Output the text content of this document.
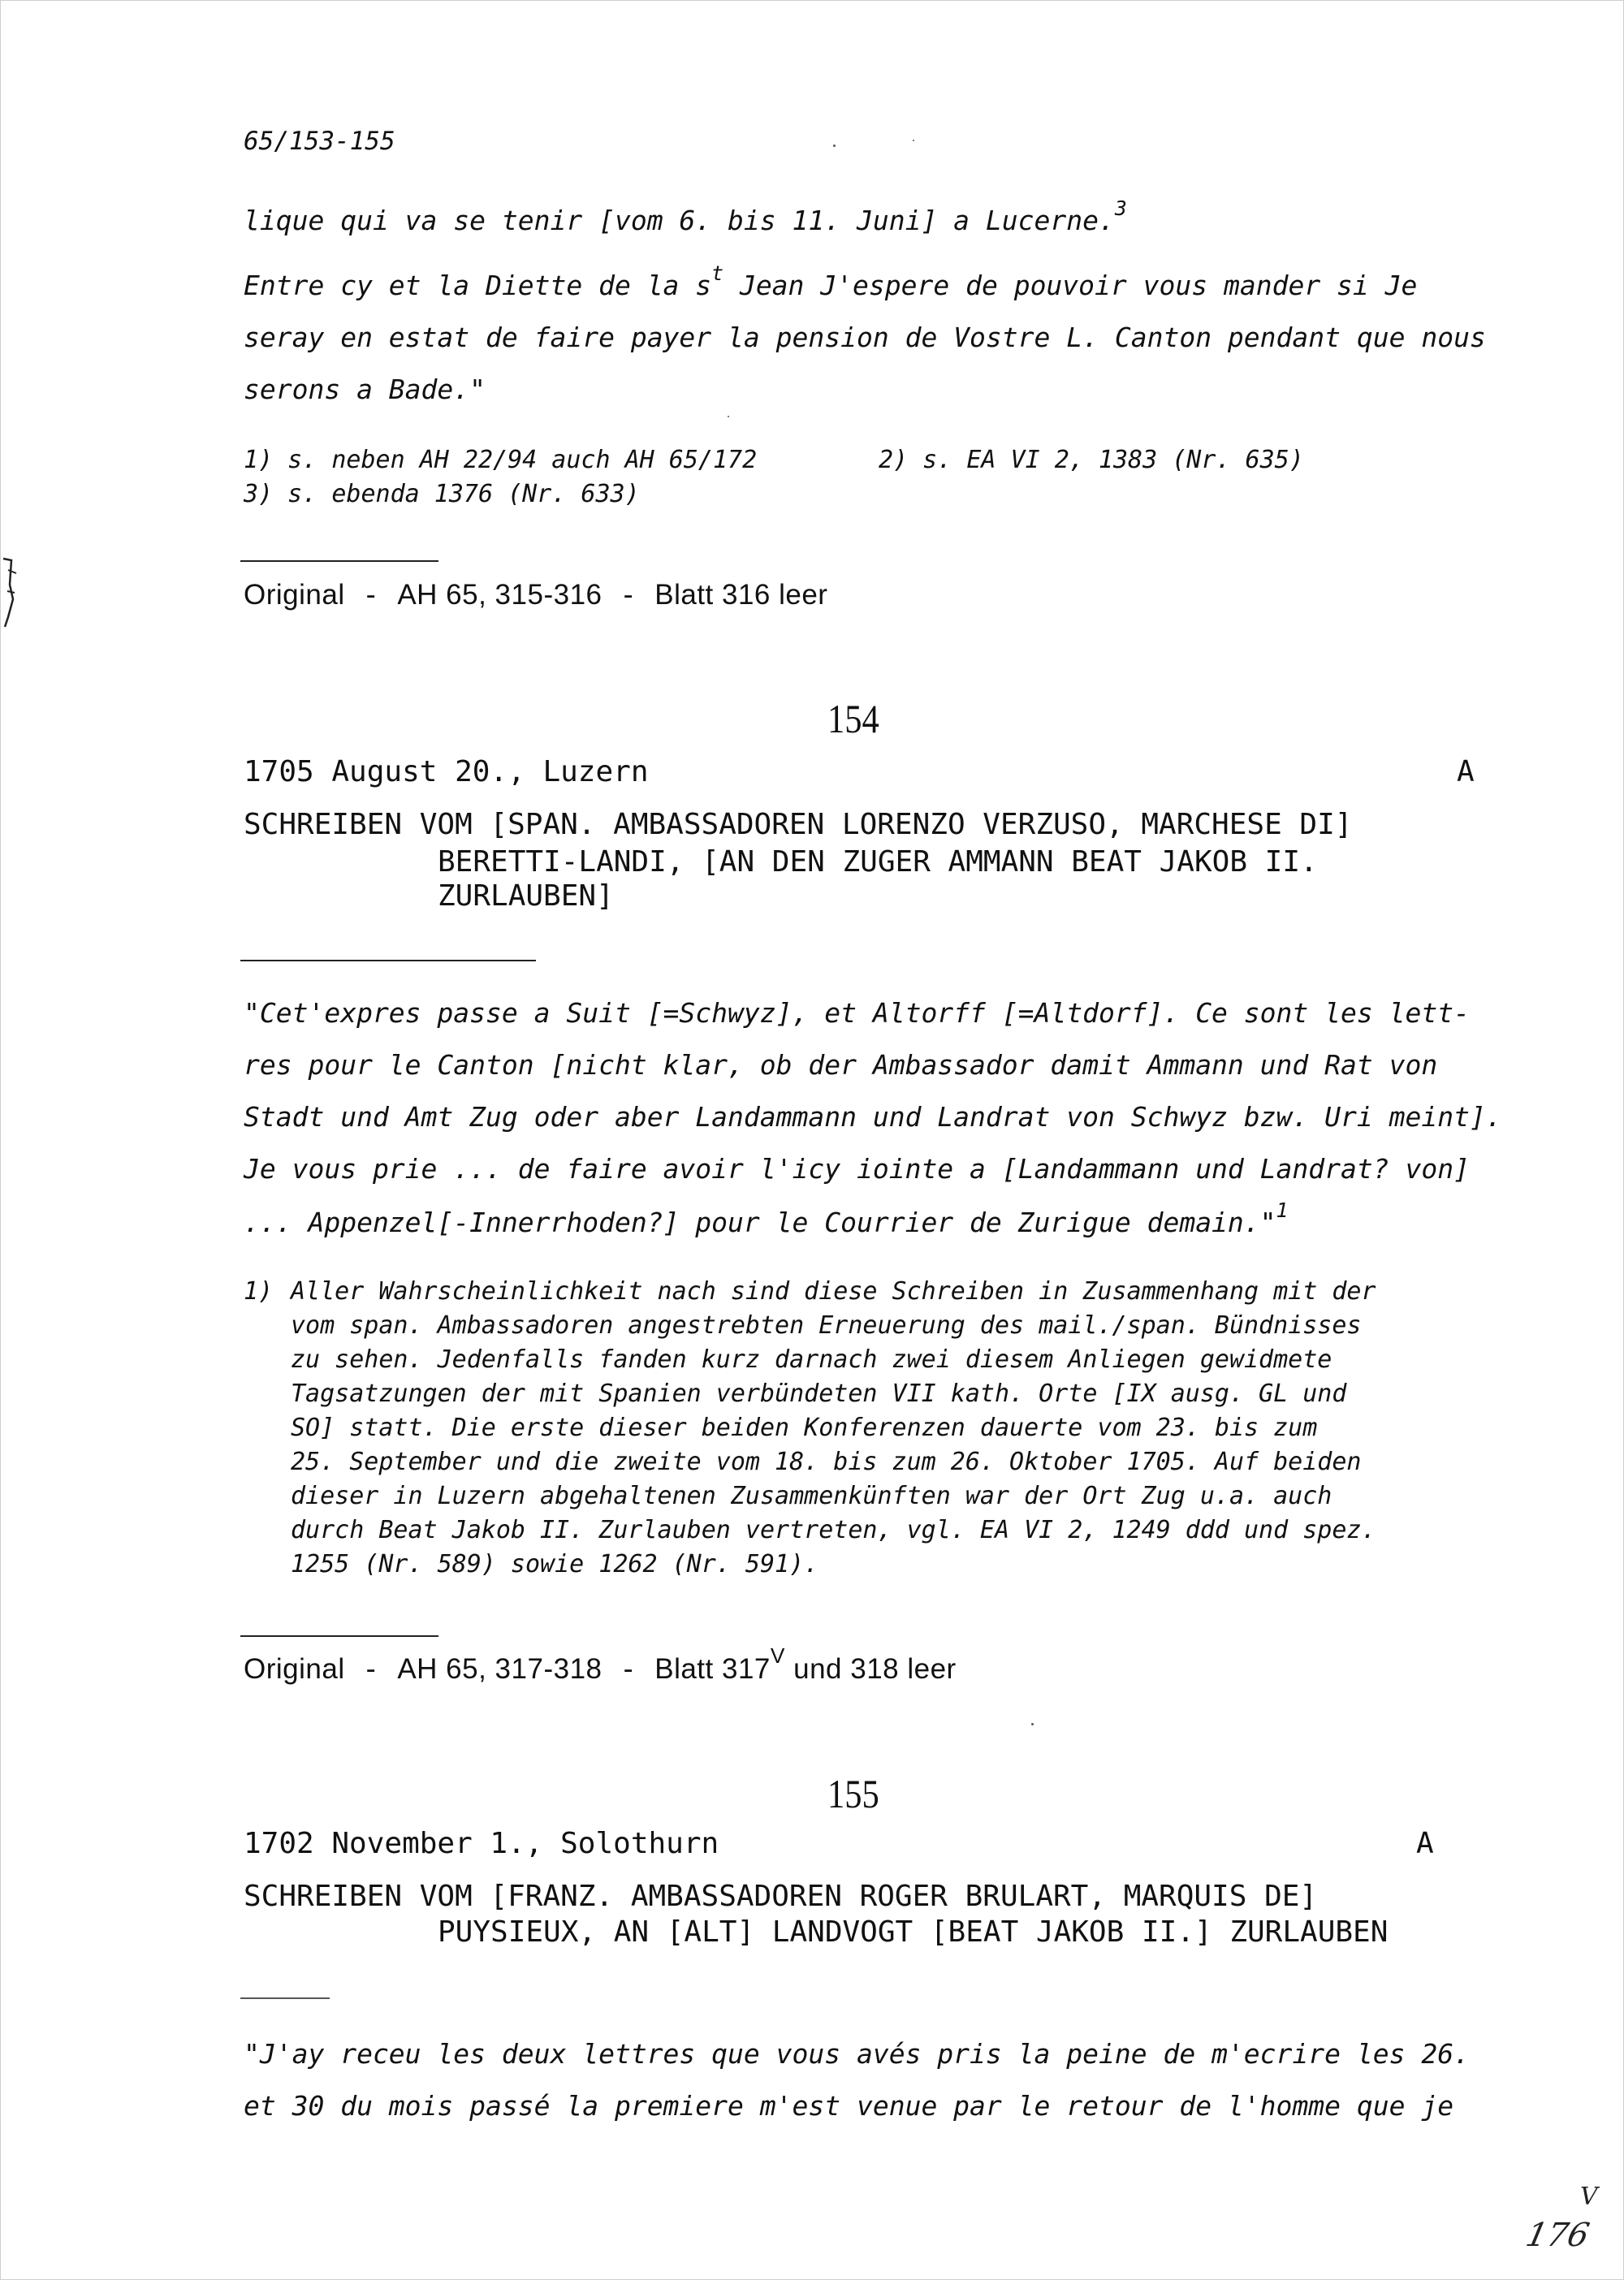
65/153-155
lique qui va se tenir [vom 6. bis 11. Juni] a Lucerne.$^3$
Entre cy et la Diette de la $s^t$ Jean J'espere de pouvoir vous mander si Je
seray en estat de faire payer la pension de Vostre L. Canton pendant que nous
serons a Bade."
1) s. neben AH 22/94 auch AH 65/172	2) s. EA VI 2, 1383 (Nr. 635)
3) s. ebenda 1376 (Nr. 633)
Original - AH 65, 315-316 - Blatt 316 leer
154
1705 August 20., Luzern	A
SCHREIBEN VOM [SPAN. AMBASSADOREN LORENZO VERZUSO, MARCHESE DI]
BERETTI-LANDI, [AN DEN ZUGER AMMANN BEAT JAKOB II.
ZURLAUBEN]
"Cet'expres passe a Suit [=Schwyz], et Altorff [=Altdorf]. Ce sont les lett-
res pour le Canton [nicht klar, ob der Ambassador damit Ammann und Rat von
Stadt und Amt Zug oder aber Landammann und Landrat von Schwyz bzw. Uri meint].
Je vous prie ... de faire avoir l'icy iointe a [Landammann und Landrat? von]
... Appenzel[-Innerrhoden?] pour le Courrier de Zurigue demain."$^1$
1) Aller Wahrscheinlichkeit nach sind diese Schreiben in Zusammenhang mit der
vom span. Ambassadoren angestrebten Erneuerung des mail./span. Bündnisses
zu sehen. Jedenfalls fanden kurz darnach zwei diesem Anliegen gewidmete
Tagsatzungen der mit Spanien verbündeten VII kath. Orte [IX ausg. GL und
SO] statt. Die erste dieser beiden Konferenzen dauerte vom 23. bis zum
25. September und die zweite vom 18. bis zum 26. Oktober 1705. Auf beiden
dieser in Luzern abgehaltenen Zusammenkünften war der Ort Zug u.a. auch
durch Beat Jakob II. Zurlauben vertreten, vgl. EA VI 2, 1249 ddd und spez.
1255 (Nr. 589) sowie 1262 (Nr. 591).
Original - AH 65, 317-318 - Blatt $317^V$ und 318 leer
155
1702 November 1., Solothurn	A
SCHREIBEN VOM [FRANZ. AMBASSADOREN ROGER BRULART, MARQUIS DE]
PUYSIEUX, AN [ALT] LANDVOGT [BEAT JAKOB II.] ZURLAUBEN
"J'ay receu les deux lettres que vous avés pris la peine de m'ecrire les 26.
et 30 du mois passé la premiere m'est venue par le retour de l'homme que je
V
176
